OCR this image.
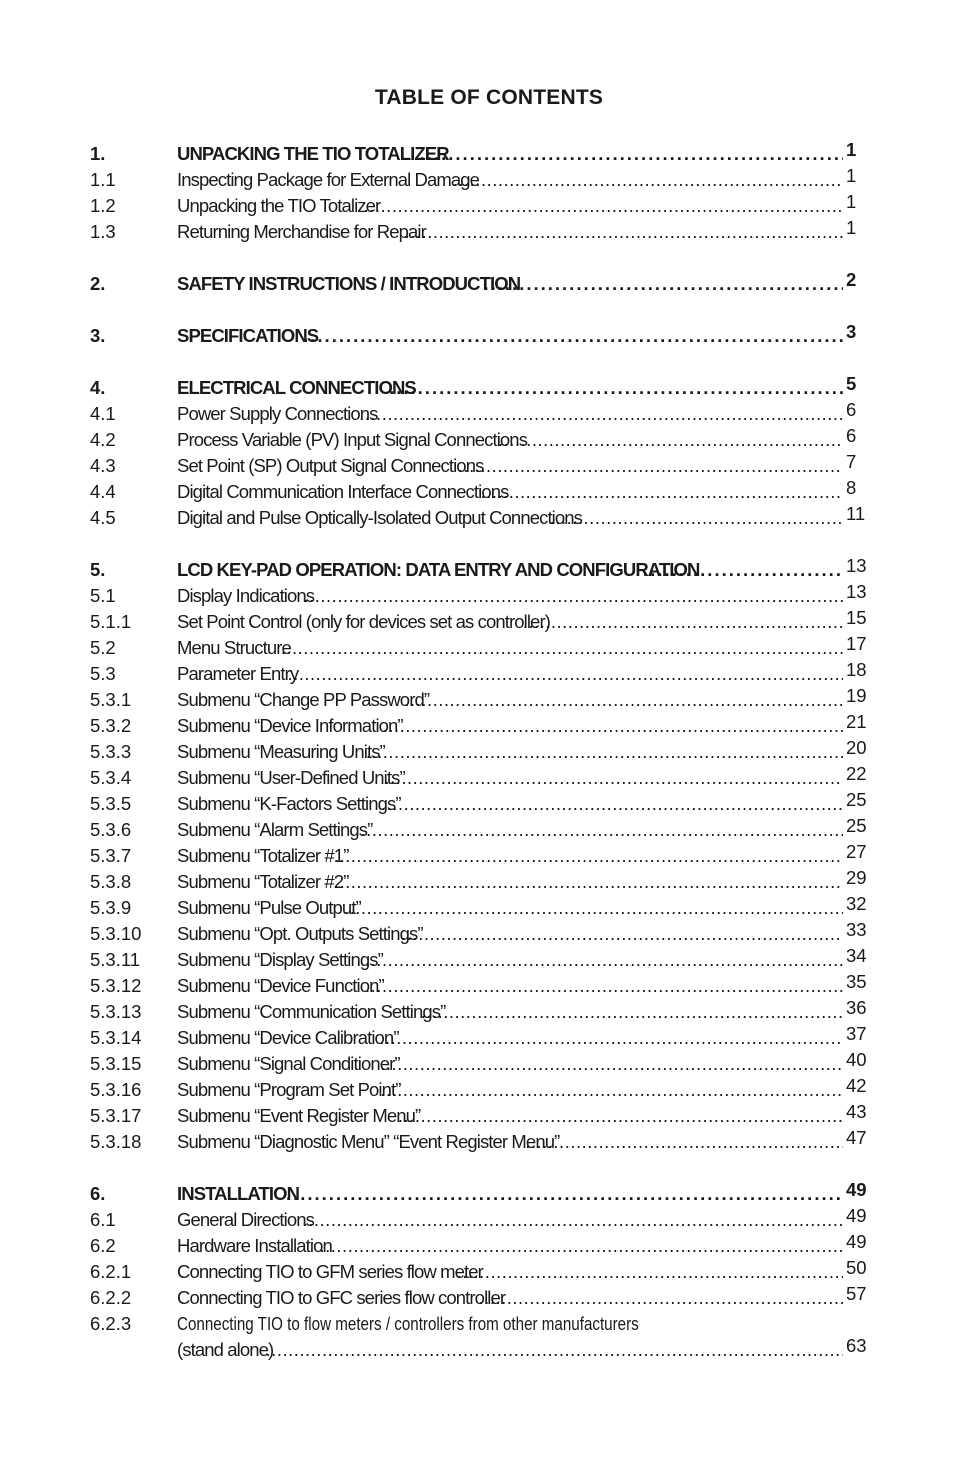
TABLE OF CONTENTS
1.	UNPACKING THE TIO TOTALIZER .....	1
1.1	Inspecting Package for External Damage .....	1
1.2	Unpacking the TIO Totalizer .....	1
1.3	Returning Merchandise for Repair .....	1
2.	SAFETY INSTRUCTIONS / INTRODUCTION .....	2
3.	SPECIFICATIONS .....	3
4.	ELECTRICAL CONNECTIONS .....	5
4.1	Power Supply Connections .....	6
4.2	Process Variable (PV) Input Signal Connections .....	6
4.3	Set Point (SP) Output Signal Connections .....	7
4.4	Digital Communication Interface Connections .....	8
4.5	Digital and Pulse Optically-Isolated Output Connections .....	11
5.	LCD KEY-PAD OPERATION: DATA ENTRY AND CONFIGURATION .....	13
5.1	Display Indications .....	13
5.1.1 Set Point Control (only for devices set as controller) .....	15
5.2	Menu Structure .....	17
5.3	Parameter Entry .....	18
5.3.1 Submenu “Change PP Password” .....	19
5.3.2 Submenu “Device Information” .....	21
5.3.3 Submenu “Measuring Units” .....	20
5.3.4 Submenu “User-Defined Units” .....	22
5.3.5 Submenu “K-Factors Settings” .....	25
5.3.6 Submenu “Alarm Settings” .....	25
5.3.7 Submenu “Totalizer #1” .....	27
5.3.8 Submenu “Totalizer #2” .....	29
5.3.9 Submenu “Pulse Output” .....	32
5.3.10 Submenu “Opt. Outputs Settings” .....	33
5.3.11 Submenu “Display Settings” .....	34
5.3.12 Submenu “Device Function” .....	35
5.3.13 Submenu “Communication Settings” .....	36
5.3.14 Submenu “Device Calibration” .....	37
5.3.15 Submenu “Signal Conditioner” .....	40
5.3.16 Submenu “Program Set Point” .....	42
5.3.17 Submenu “Event Register Menu” .....	43
5.3.18 Submenu “Diagnostic Menu” “Event Register Menu” .....	47
6.	INSTALLATION .....	49
6.1	General Directions .....	49
6.2	Hardware Installation .....	49
6.2.1 Connecting TIO to GFM series flow meter .....	50
6.2.2 Connecting TIO to GFC series flow controller .....	57
6.2.3 Connecting TIO to flow meters / controllers from other manufacturers
(stand alone) .....	63
